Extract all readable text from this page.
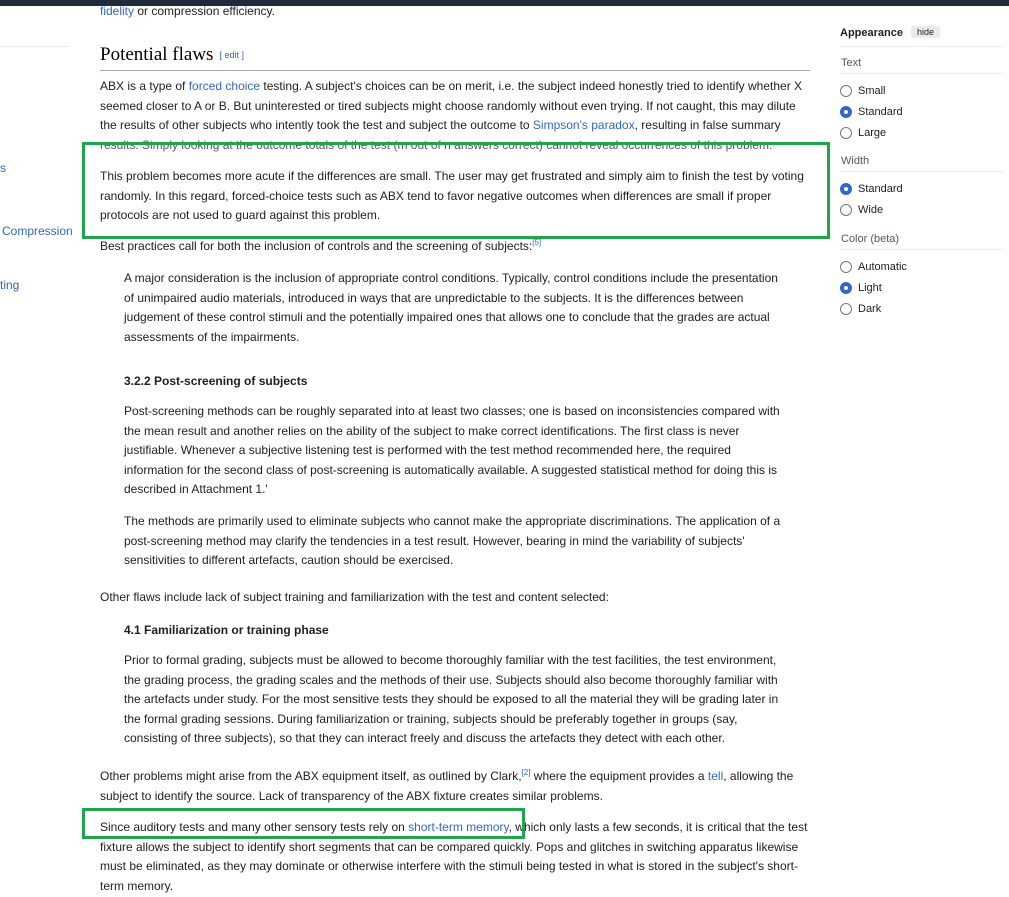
s
Compression
ting
fidelity or compression efficiency.
Potential flaws [ edit ]
ABX is a type of forced choice testing. A subject's choices can be on merit, i.e. the subject indeed honestly tried to identify whether X seemed closer to A or B. But uninterested or tired subjects might choose randomly without even trying. If not caught, this may dilute the results of other subjects who intently took the test and subject the outcome to Simpson's paradox, resulting in false summary results. Simply looking at the outcome totals of the test (m out of n answers correct) cannot reveal occurrences of this problem.
This problem becomes more acute if the differences are small. The user may get frustrated and simply aim to finish the test by voting randomly. In this regard, forced-choice tests such as ABX tend to favor negative outcomes when differences are small if proper protocols are not used to guard against this problem.
Best practices call for both the inclusion of controls and the screening of subjects:[5]
A major consideration is the inclusion of appropriate control conditions. Typically, control conditions include the presentation of unimpaired audio materials, introduced in ways that are unpredictable to the subjects. It is the differences between judgement of these control stimuli and the potentially impaired ones that allows one to conclude that the grades are actual assessments of the impairments.
3.2.2 Post-screening of subjects
Post-screening methods can be roughly separated into at least two classes; one is based on inconsistencies compared with the mean result and another relies on the ability of the subject to make correct identifications. The first class is never justifiable. Whenever a subjective listening test is performed with the test method recommended here, the required information for the second class of post-screening is automatically available. A suggested statistical method for doing this is described in Attachment 1.'
The methods are primarily used to eliminate subjects who cannot make the appropriate discriminations. The application of a post-screening method may clarify the tendencies in a test result. However, bearing in mind the variability of subjects' sensitivities to different artefacts, caution should be exercised.
Other flaws include lack of subject training and familiarization with the test and content selected:
4.1 Familiarization or training phase
Prior to formal grading, subjects must be allowed to become thoroughly familiar with the test facilities, the test environment, the grading process, the grading scales and the methods of their use. Subjects should also become thoroughly familiar with the artefacts under study. For the most sensitive tests they should be exposed to all the material they will be grading later in the formal grading sessions. During familiarization or training, subjects should be preferably together in groups (say, consisting of three subjects), so that they can interact freely and discuss the artefacts they detect with each other.
Other problems might arise from the ABX equipment itself, as outlined by Clark,[2] where the equipment provides a tell, allowing the subject to identify the source. Lack of transparency of the ABX fixture creates similar problems.
Since auditory tests and many other sensory tests rely on short-term memory, which only lasts a few seconds, it is critical that the test fixture allows the subject to identify short segments that can be compared quickly. Pops and glitches in switching apparatus likewise must be eliminated, as they may dominate or otherwise interfere with the stimuli being tested in what is stored in the subject's short-term memory.
Appearance	hide
Text
Small
Standard
Large
Width
Standard
Wide
Color (beta)
Automatic
Light
Dark
